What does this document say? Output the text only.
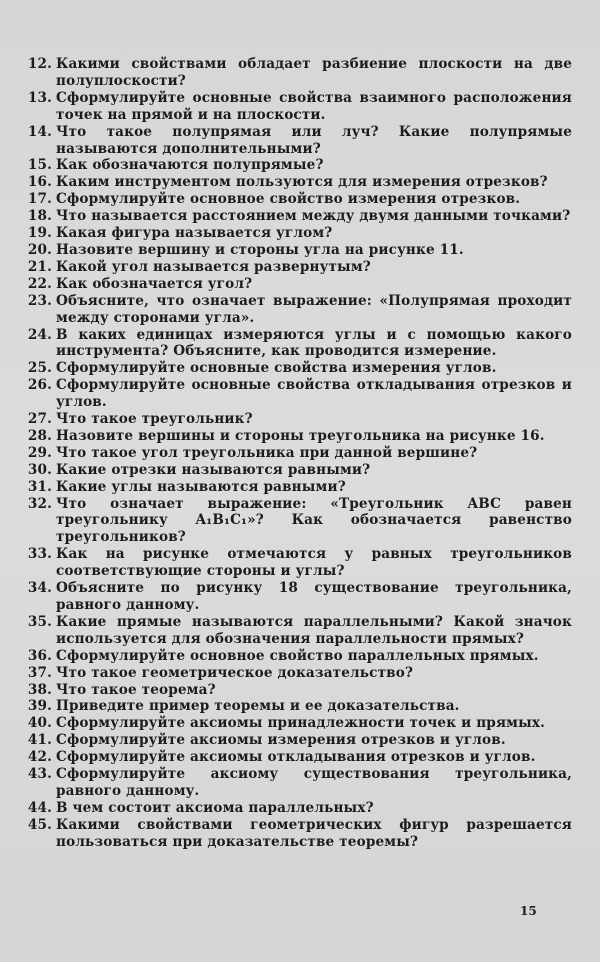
12. Какими свойствами обладает разбиение плоскости на две полуплоскости?
13. Сформулируйте основные свойства взаимного расположения точек на прямой и на плоскости.
14. Что такое полупрямая или луч? Какие полупрямые называются дополнительными?
15. Как обозначаются полупрямые?
16. Каким инструментом пользуются для измерения отрезков?
17. Сформулируйте основное свойство измерения отрезков.
18. Что называется расстоянием между двумя данными точками?
19. Какая фигура называется углом?
20. Назовите вершину и стороны угла на рисунке 11.
21. Какой угол называется развернутым?
22. Как обозначается угол?
23. Объясните, что означает выражение: «Полупрямая проходит между сторонами угла».
24. В каких единицах измеряются углы и с помощью какого инструмента? Объясните, как проводится измерение.
25. Сформулируйте основные свойства измерения углов.
26. Сформулируйте основные свойства откладывания отрезков и углов.
27. Что такое треугольник?
28. Назовите вершины и стороны треугольника на рисунке 16.
29. Что такое угол треугольника при данной вершине?
30. Какие отрезки называются равными?
31. Какие углы называются равными?
32. Что означает выражение: «Треугольник ABC равен треугольнику A₁B₁C₁»? Как обозначается равенство треугольников?
33. Как на рисунке отмечаются у равных треугольников соответствующие стороны и углы?
34. Объясните по рисунку 18 существование треугольника, равного данному.
35. Какие прямые называются параллельными? Какой значок используется для обозначения параллельности прямых?
36. Сформулируйте основное свойство параллельных прямых.
37. Что такое геометрическое доказательство?
38. Что такое теорема?
39. Приведите пример теоремы и ее доказательства.
40. Сформулируйте аксиомы принадлежности точек и прямых.
41. Сформулируйте аксиомы измерения отрезков и углов.
42. Сформулируйте аксиомы откладывания отрезков и углов.
43. Сформулируйте аксиому существования треугольника, равного данному.
44. В чем состоит аксиома параллельных?
45. Какими свойствами геометрических фигур разрешается пользоваться при доказательстве теоремы?
15
